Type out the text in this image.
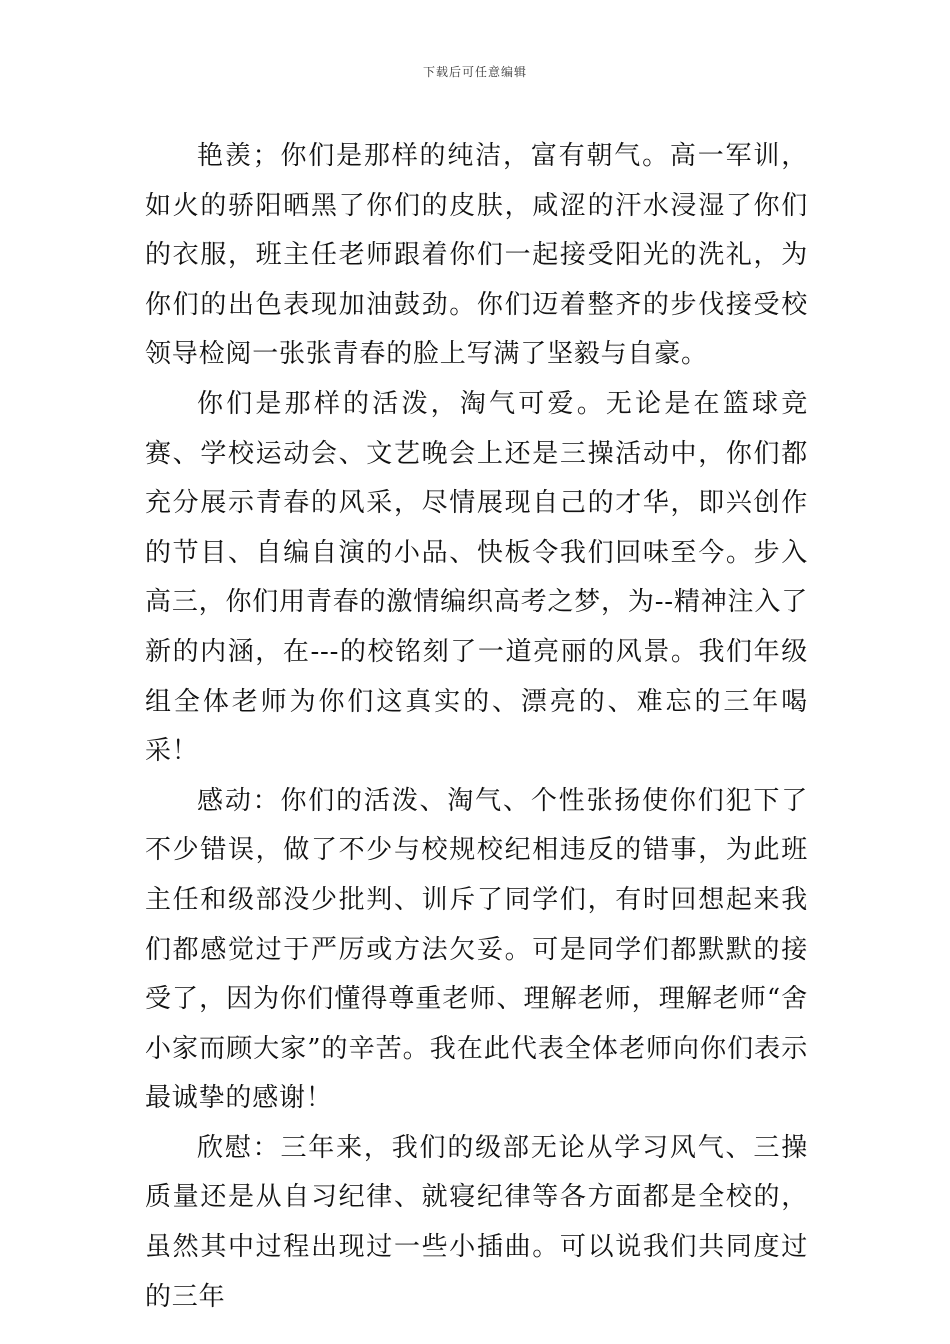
下载后可任意编辑

艳羡；你们是那样的纯洁，富有朝气。高一军训，如火的骄阳晒黑了你们的皮肤，咸涩的汗水浸湿了你们的衣服，班主任老师跟着你们一起接受阳光的洗礼，为你们的出色表现加油鼓劲。你们迈着整齐的步伐接受校领导检阅一张张青春的脸上写满了坚毅与自豪。

你们是那样的活泼，淘气可爱。无论是在篮球竞赛、学校运动会、文艺晚会上还是三操活动中，你们都充分展示青春的风采，尽情展现自己的才华，即兴创作的节目、自编自演的小品、快板令我们回味至今。步入高三，你们用青春的激情编织高考之梦，为--精神注入了新的内涵，在---的校铭刻了一道亮丽的风景。我们年级组全体老师为你们这真实的、漂亮的、难忘的三年喝采！

感动：你们的活泼、淘气、个性张扬使你们犯下了不少错误，做了不少与校规校纪相违反的错事，为此班主任和级部没少批判、训斥了同学们，有时回想起来我们都感觉过于严厉或方法欠妥。可是同学们都默默的接受了，因为你们懂得尊重老师、理解老师，理解老师“舍小家而顾大家”的辛苦。我在此代表全体老师向你们表示最诚挚的感谢！

欣慰：三年来，我们的级部无论从学习风气、三操质量还是从自习纪律、就寝纪律等各方面都是全校的，虽然其中过程出现过一些小插曲。可以说我们共同度过的三年
